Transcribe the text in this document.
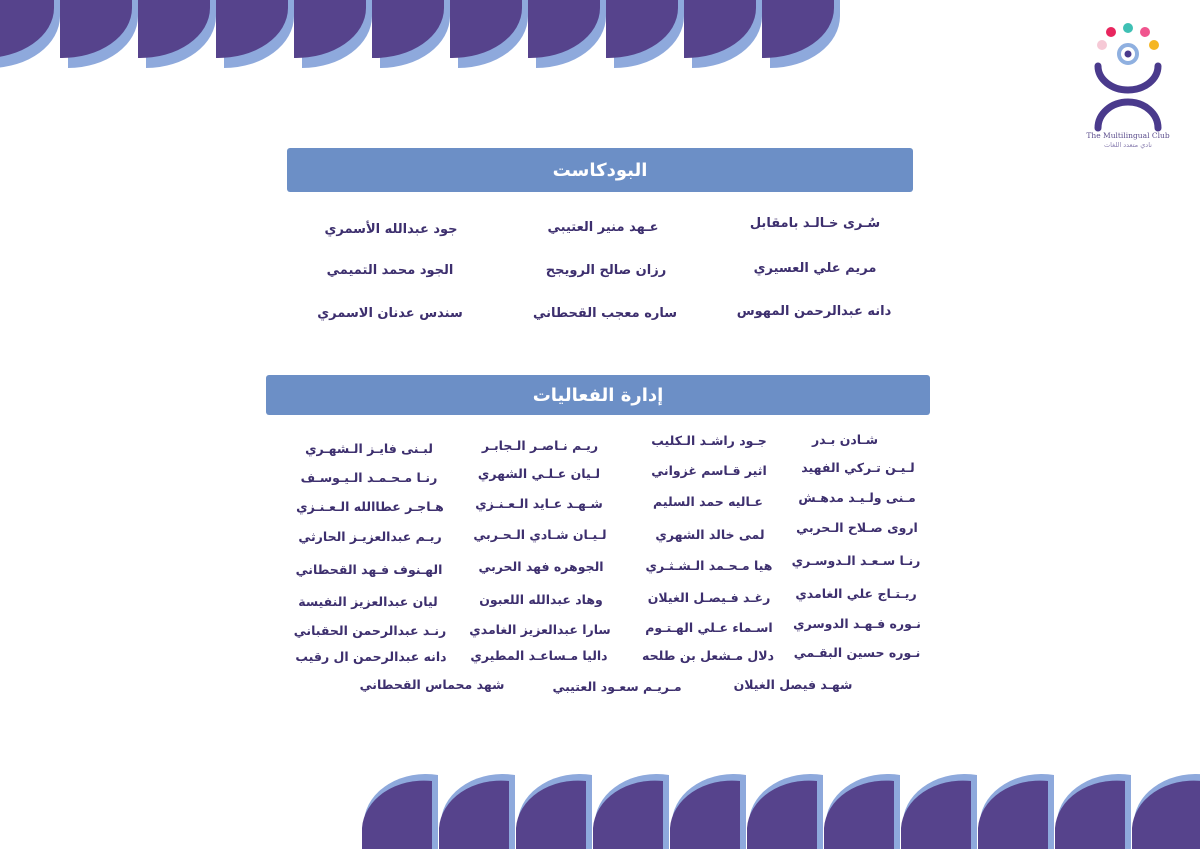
The Multilingual Club
نادي متعدد اللغات
البودكاست
إدارة الفعاليات
سُـرى خـالـد بامقابل
عـهد منير العتيبي
جود عبدالله الأسمري
مريم علي العسيري
رزان صالح الرويجح
الجود محمد التميمي
دانه عبدالرحمن المهوس
ساره معجب القحطاني
سندس عدنان الاسمري
شـادن بـدر
جـود راشـد الـكليب
ريـم نـاصـر الـجابـر
لبـنى فايـز الـشهـري
لـيـن تـركي الفهيد
اثير قـاسم غزواني
لـيان عـلـي الشهري
رنـا مـحـمـد الـيـوسـف
مـنى ولـيـد مدهـش
عـاليه حمد السليم
شـهـد عـايد الـعـنـزي
هـاجـر عطاالله الـعـنـزي
اروى صـلاح الـحربي
لمى خالد الشهري
لـيـان شـادي الـحـربي
ريـم عبدالعزيـز الحارثي
رنـا سـعـد الـدوسـري
هيا مـحـمد الـشـثـري
الجوهره فهد الحربي
الهـنوف فـهد القحطاني
ريـتـاج علي الغامدي
رغـد فـيصـل الغيلان
وهاد عبدالله اللعبون
ليان عبدالعزيز النفيسة
نـوره فـهـد الدوسري
اسـماء عـلي الهـتـوم
سارا عبدالعزيز الغامدي
رنـد عبدالرحمن الحقباني
نـوره حسين البقـمي
دلال مـشعل بن طلحه
داليا مـساعـد المطيري
دانه عبدالرحمن ال رقيب
شهـد فيصل الغيلان
مـريـم سعـود العتيبي
شهد محماس القحطاني
